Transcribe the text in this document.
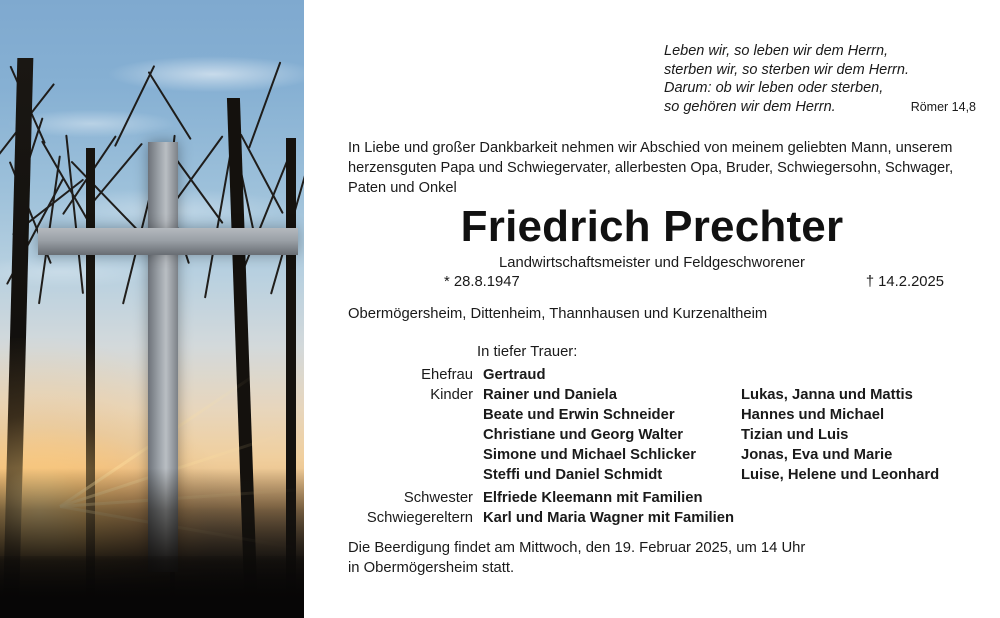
Leben wir, so leben wir dem Herrn,
sterben wir, so sterben wir dem Herrn.
Darum: ob wir leben oder sterben,
so gehören wir dem Herrn.	Römer 14,8
In Liebe und großer Dankbarkeit nehmen wir Abschied von meinem geliebten Mann, unserem herzensguten Papa und Schwiegervater, allerbesten Opa, Bruder, Schwiegersohn, Schwager, Paten und Onkel
Friedrich Prechter
Landwirtschaftsmeister und Feldgeschworener
* 28.8.1947	† 14.2.2025
Obermögersheim, Dittenheim, Thannhausen und Kurzenaltheim
In tiefer Trauer:
Ehefrau Gertraud
Kinder Rainer und Daniela	Lukas, Janna und Mattis
Beate und Erwin Schneider	Hannes und Michael
Christiane und Georg Walter	Tizian und Luis
Simone und Michael Schlicker	Jonas, Eva und Marie
Steffi und Daniel Schmidt	Luise, Helene und Leonhard
Schwester Elfriede Kleemann mit Familien
Schwiegereltern Karl und Maria Wagner mit Familien
Die Beerdigung findet am Mittwoch, den 19. Februar 2025, um 14 Uhr
in Obermögersheim statt.
